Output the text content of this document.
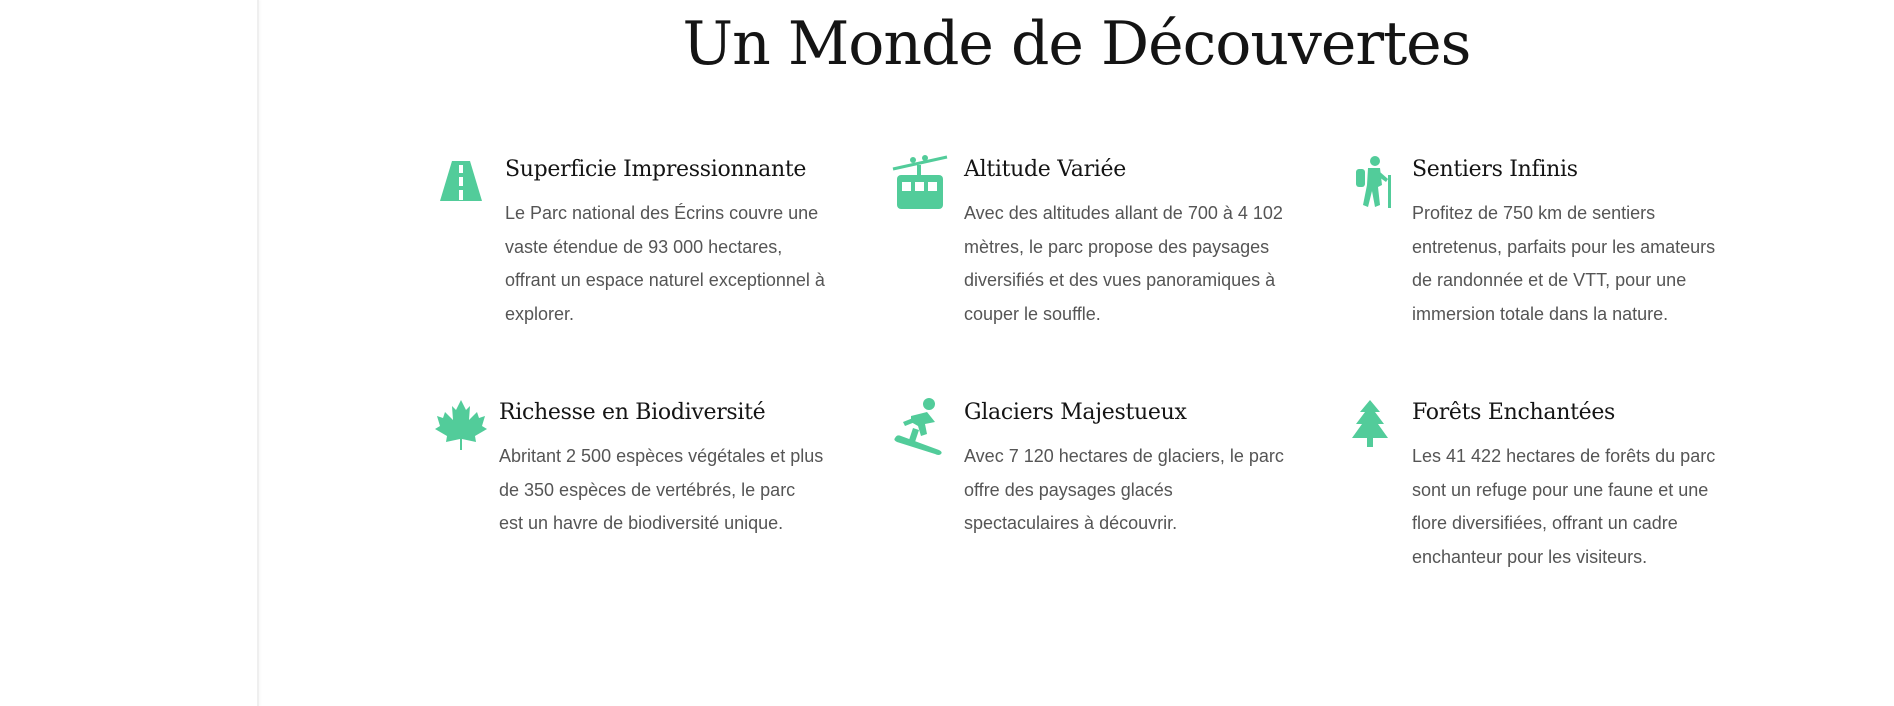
Un Monde de Découvertes
Superficie Impressionnante

Le Parc national des Écrins couvre une vaste étendue de 93 000 hectares, offrant un espace naturel exceptionnel à explorer.

Altitude Variée

Avec des altitudes allant de 700 à 4 102 mètres, le parc propose des paysages diversifiés et des vues panoramiques à couper le souffle.

Sentiers Infinis

Profitez de 750 km de sentiers entretenus, parfaits pour les amateurs de randonnée et de VTT, pour une immersion totale dans la nature.

Richesse en Biodiversité

Abritant 2 500 espèces végétales et plus de 350 espèces de vertébrés, le parc est un havre de biodiversité unique.

Glaciers Majestueux

Avec 7 120 hectares de glaciers, le parc offre des paysages glacés spectaculaires à découvrir.

Forêts Enchantées

Les 41 422 hectares de forêts du parc sont un refuge pour une faune et une flore diversifiées, offrant un cadre enchanteur pour les visiteurs.
